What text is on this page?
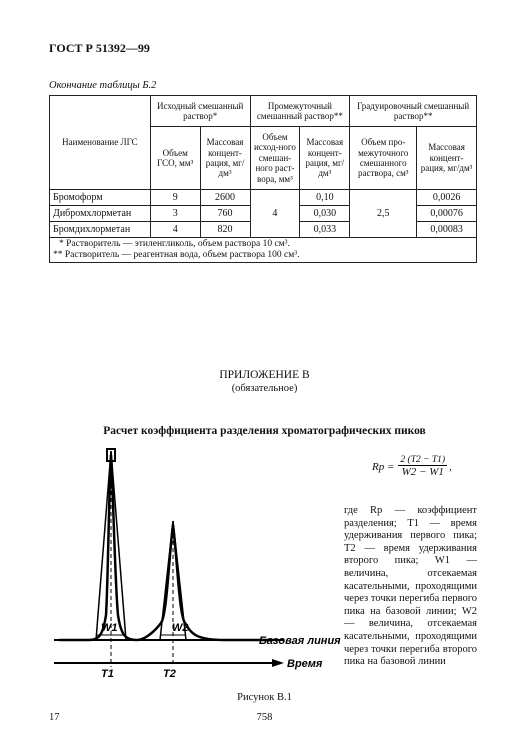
ГОСТ Р 51392—99
Окончание таблицы Б.2
Наименование ЛГС	Исходный смешанный раствор*		Промежуточный смешанный раствор**		Градуировочный смешанный раствор**	
	Объем ГСО, мм³	Массовая концент-рация, мг/дм³	Объем исход-ного смешан-ного раст-вора, мм³	Массовая концент-рация, мг/дм³	Объем про-межуточного смешанного раствора, см³	Массовая концент-рация, мг/дм³
Бромоформ	9	2600	4	0,10	2,5	0,0026
Дибромхлорметан	3	760		0,030		0,00076
Бромдихлорметан	4	820		0,033		0,00083

* Растворитель — этиленгликоль, объем раствора 10 см³.
** Растворитель — реагентная вода, объем раствора 100 см³.						
ПРИЛОЖЕНИЕ В
(обязательное)
Расчет коэффициента разделения хроматографических пиков
W1	W2
T1	T2
Базовая линия
Время
Rр =	2 (T2 − T1)	,
W2 − W1
где Rр — коэффициент разделения; T1 — время удерживания первого пика; T2 — время удерживания второго пика; W1 — величина, отсекаемая касательными, проходящими через точки перегиба первого пика на базовой линии; W2 — величина, отсекаемая касательными, проходящими через точки перегиба второго пика на базовой линии
Рисунок В.1
17	758
